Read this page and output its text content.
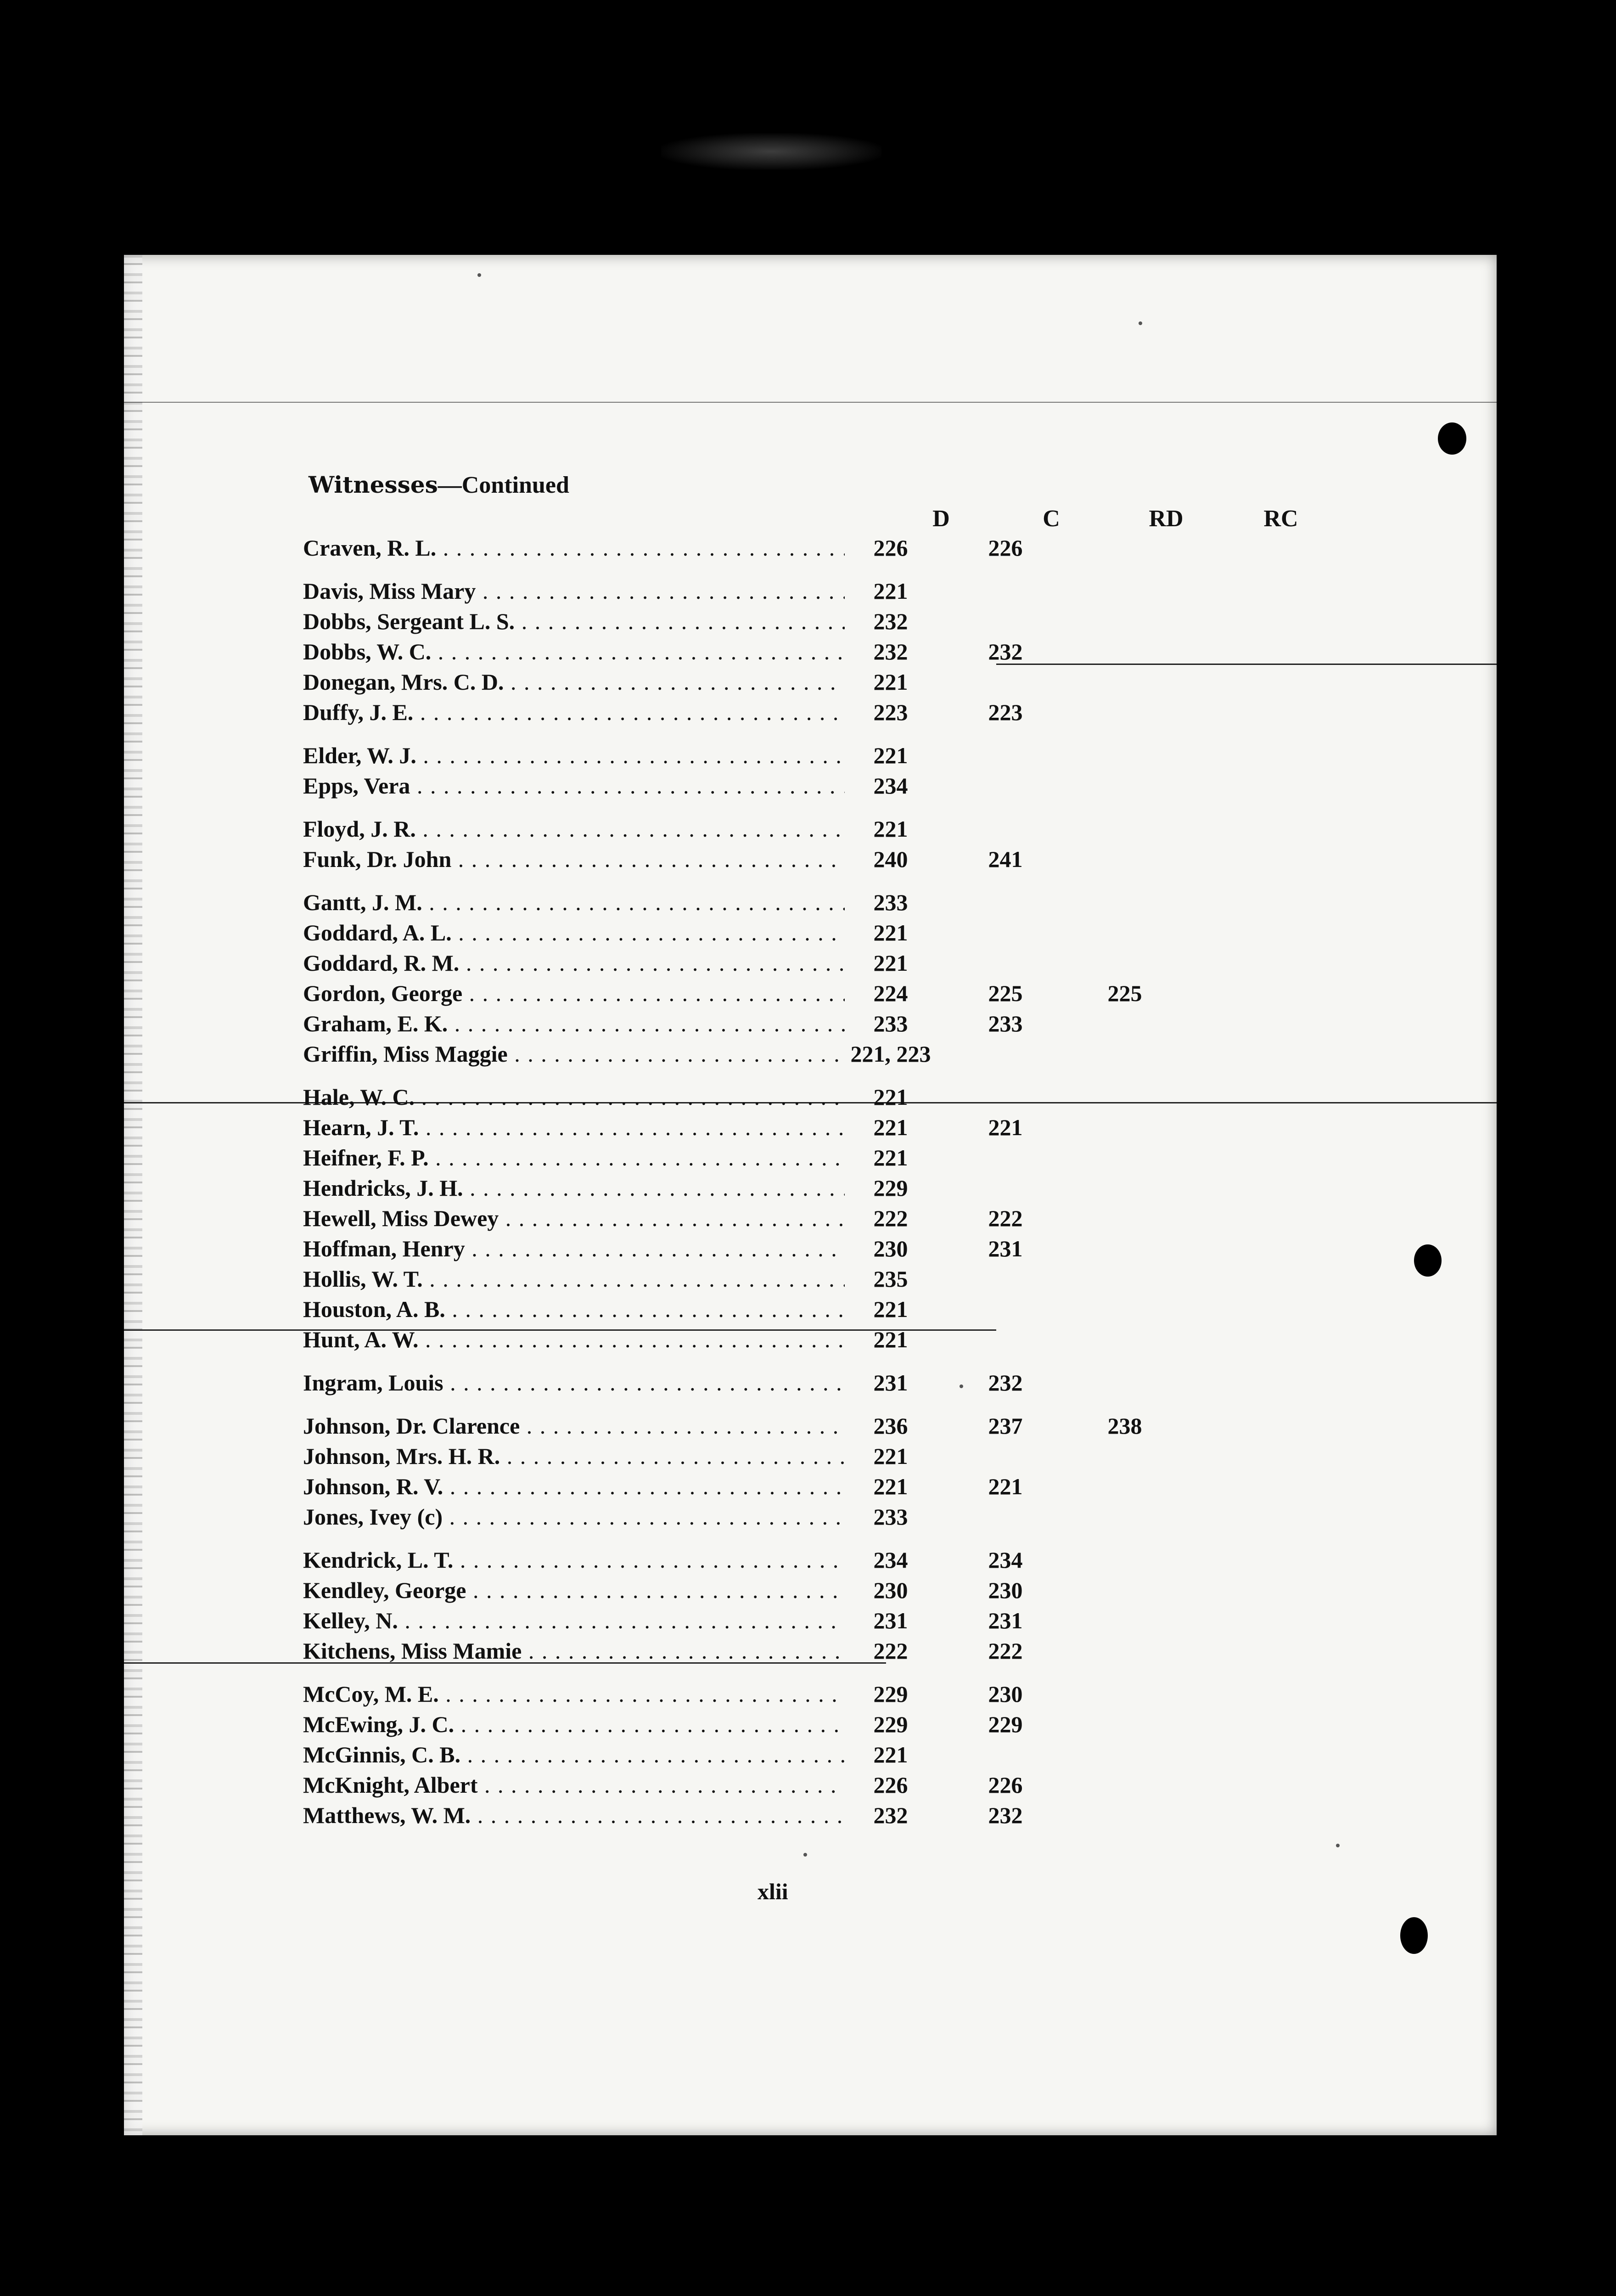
Witnesses—Continued
D	C	RD	RC
Craven, R. L. . . .	226	226
Davis, Miss Mary . . .	221
Dobbs, Sergeant L. S. . . .	232
Dobbs, W. C. . . .	232	232
Donegan, Mrs. C. D. . . .	221
Duffy, J. E. . . .	223	223
Elder, W. J. . . .	221
Epps, Vera . . .	234
Floyd, J. R. . . .	221
Funk, Dr. John . . .	240	241
Gantt, J. M. . . .	233
Goddard, A. L. . . .	221
Goddard, R. M. . . .	221
Gordon, George . . .	224	225	225
Graham, E. K. . . .	233	233
Griffin, Miss Maggie . . .	221, 223
Hale, W. C. . . .	221
Hearn, J. T. . . .	221	221
Heifner, F. P. . . .	221
Hendricks, J. H. . . .	229
Hewell, Miss Dewey . . .	222	222
Hoffman, Henry . . .	230	231
Hollis, W. T. . . .	235
Houston, A. B. . . .	221
Hunt, A. W. . . .	221
Ingram, Louis . . .	231	232
Johnson, Dr. Clarence . . .	236	237	238
Johnson, Mrs. H. R. . . .	221
Johnson, R. V. . . .	221	221
Jones, Ivey (c) . . .	233
Kendrick, L. T. . . .	234	234
Kendley, George . . .	230	230
Kelley, N. . . .	231	231
Kitchens, Miss Mamie . . .	222	222
McCoy, M. E. . . .	229	230
McEwing, J. C. . . .	229	229
McGinnis, C. B. . . .	221
McKnight, Albert . . .	226	226
Matthews, W. M. . . .	232	232
xlii
